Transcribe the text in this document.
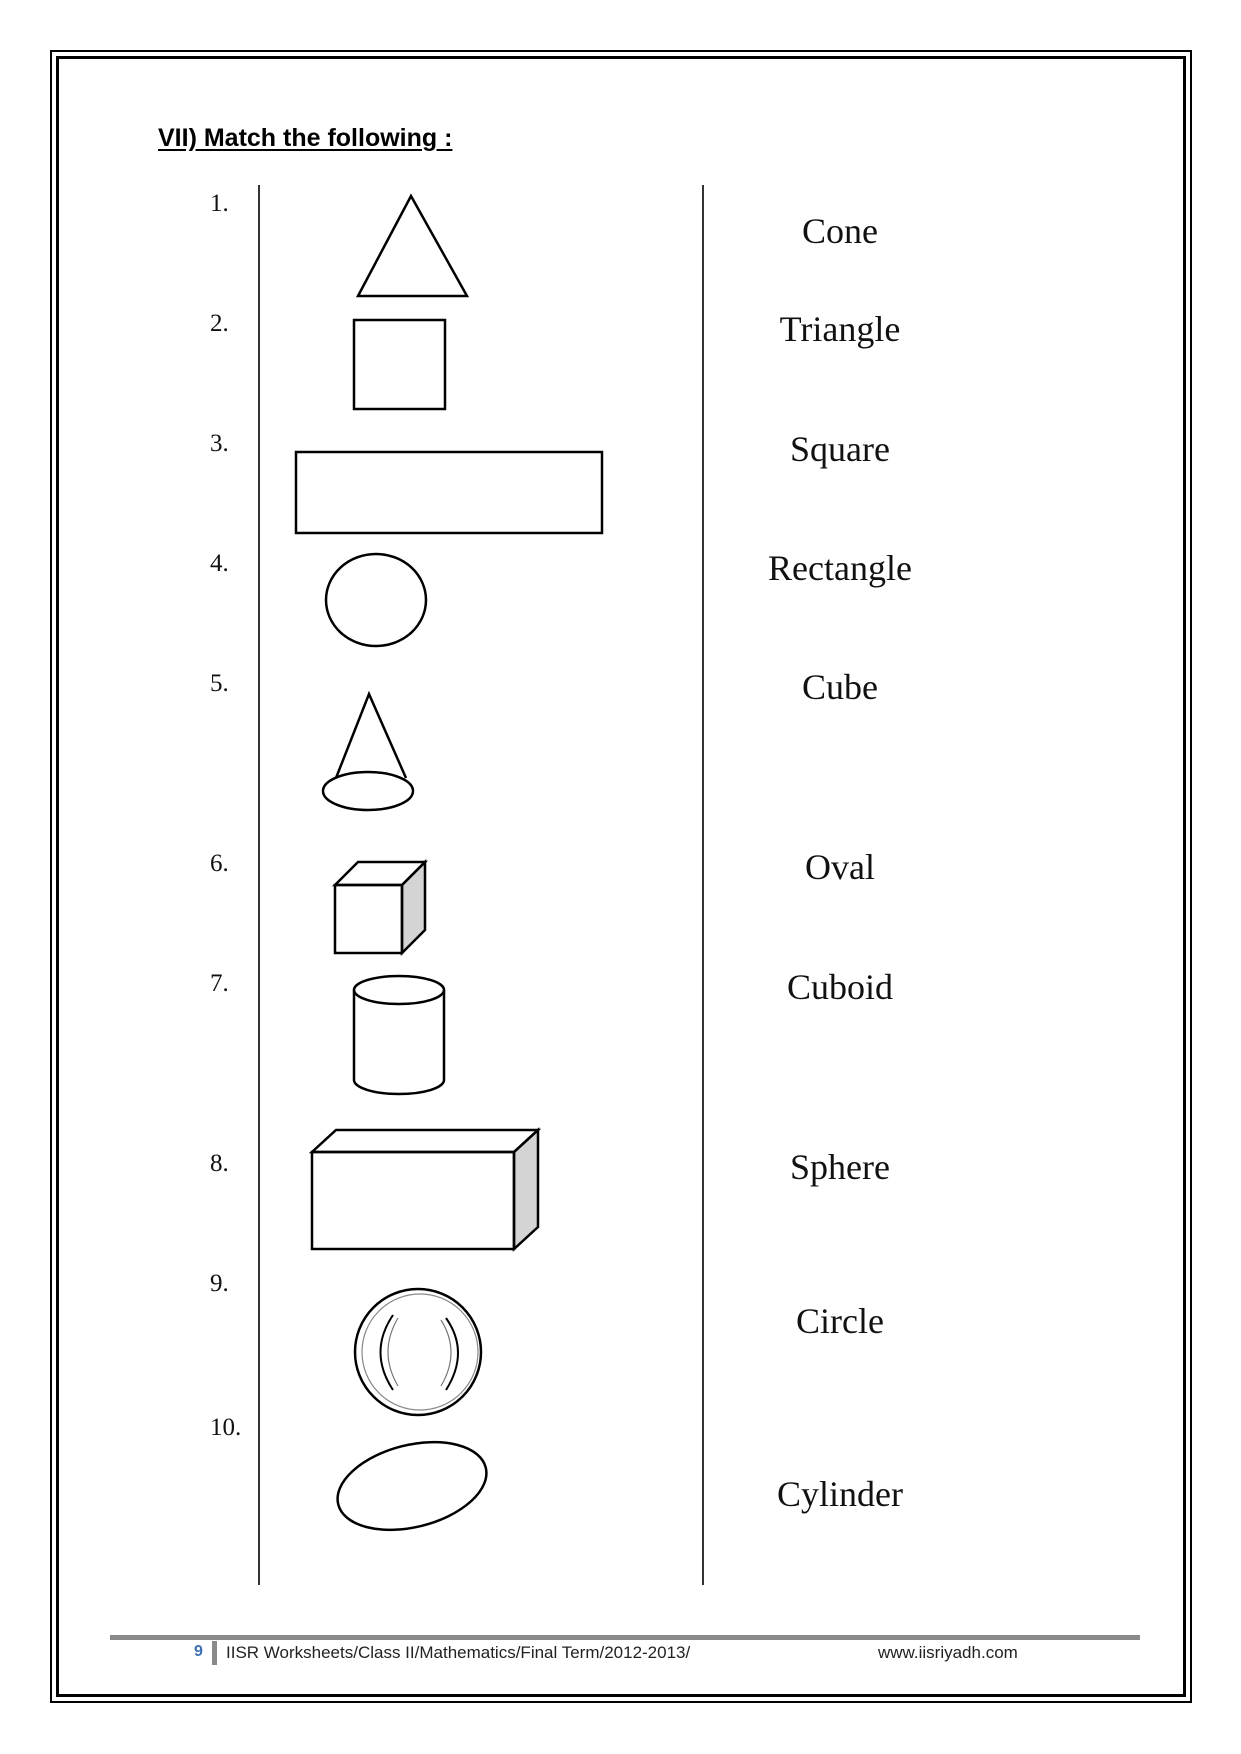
VII) Match the following :
1.
2.
3.
4.
5.
6.
7.
8.
9.
10.
Cone
Triangle
Square
Rectangle
Cube
Oval
Cuboid
Sphere
Circle
Cylinder
9 IISR Worksheets/Class II/Mathematics/Final Term/2012-2013/	www.iisriyadh.com
